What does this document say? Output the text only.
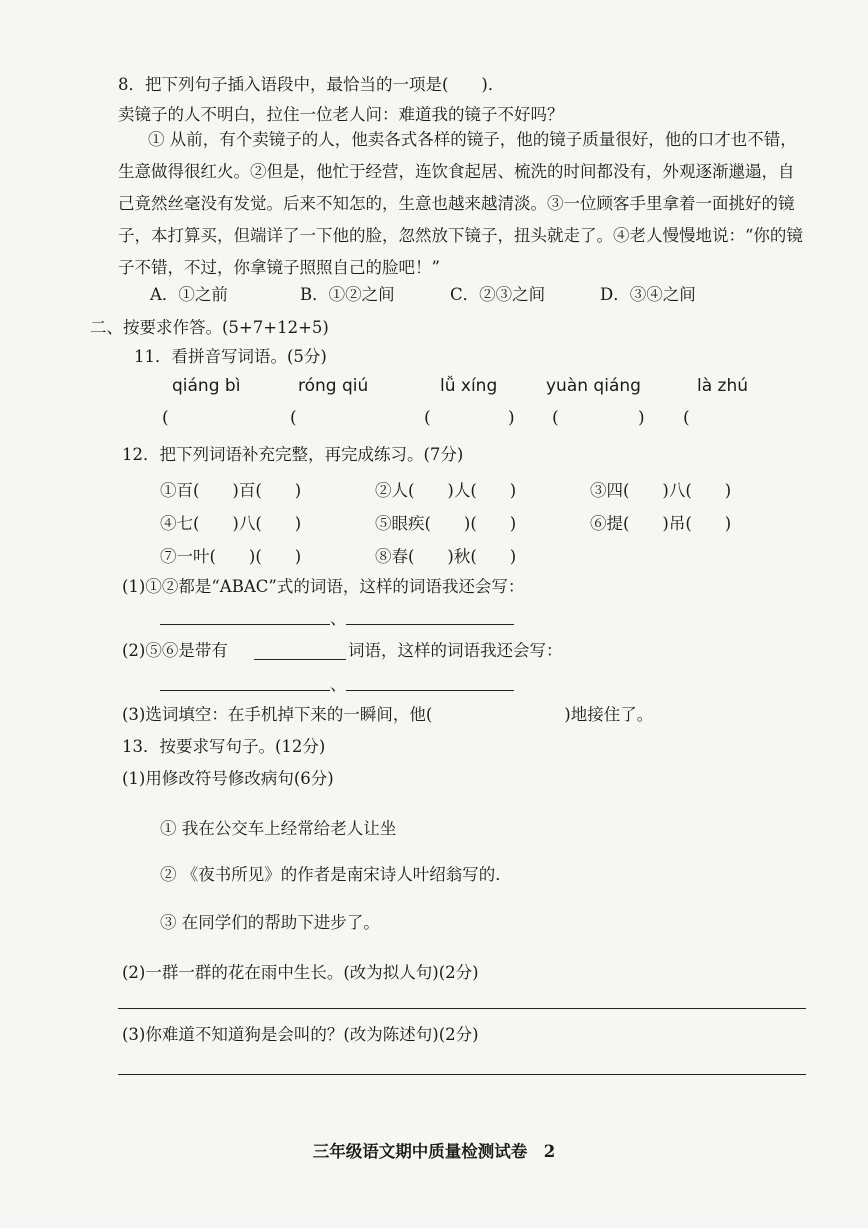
8．把下列句子插入语段中，最恰当的一项是(　　)．
卖镜子的人不明白，拉住一位老人问：难道我的镜子不好吗？
① 从前，有个卖镜子的人，他卖各式各样的镜子，他的镜子质量很好，他的口才也不错，生意做得很红火。②但是，他忙于经营，连饮食起居、梳洗的时间都没有，外观逐渐邋遢，自己竟然丝毫没有发觉。后来不知怎的，生意也越来越清淡。③一位顾客手里拿着一面挑好的镜子，本打算买，但端详了一下他的脸，忽然放下镜子，扭头就走了。④老人慢慢地说：“你的镜子不错，不过，你拿镜子照照自己的脸吧！”
A．①之前	B．①②之间	C．②③之间	D．③④之间
二、按要求作答。(5+7+12+5)
11．看拼音写词语。(5分)
qiáng bì	róng qiú	lǚ xíng	yuàn qiáng	là zhú
(	(	(	) (	) (
12．把下列词语补充完整，再完成练习。(7分)
①百(　　)百(　　)	②人(　　)人(　　)	③四(　　)八(　　)
④七(　　)八(　　)	⑤眼疾(　　)(　　)	⑥提(　　)吊(　　)
⑦一叶(　　)(　　)	⑧春(　　)秋(　　)
(1)①②都是“ABAC”式的词语，这样的词语我还会写：
、
(2)⑤⑥是带有	词语，这样的词语我还会写：
、
(3)选词填空：在手机掉下来的一瞬间，他(　　　　　　　　)地接住了。
13．按要求写句子。(12分)
(1)用修改符号修改病句(6分)
① 我在公交车上经常给老人让坐
② 《夜书所见》的作者是南宋诗人叶绍翁写的．
③ 在同学们的帮助下进步了。
(2)一群一群的花在雨中生长。(改为拟人句)(2分)
(3)你难道不知道狗是会叫的？(改为陈述句)(2分)
三年级语文期中质量检测试卷　2
